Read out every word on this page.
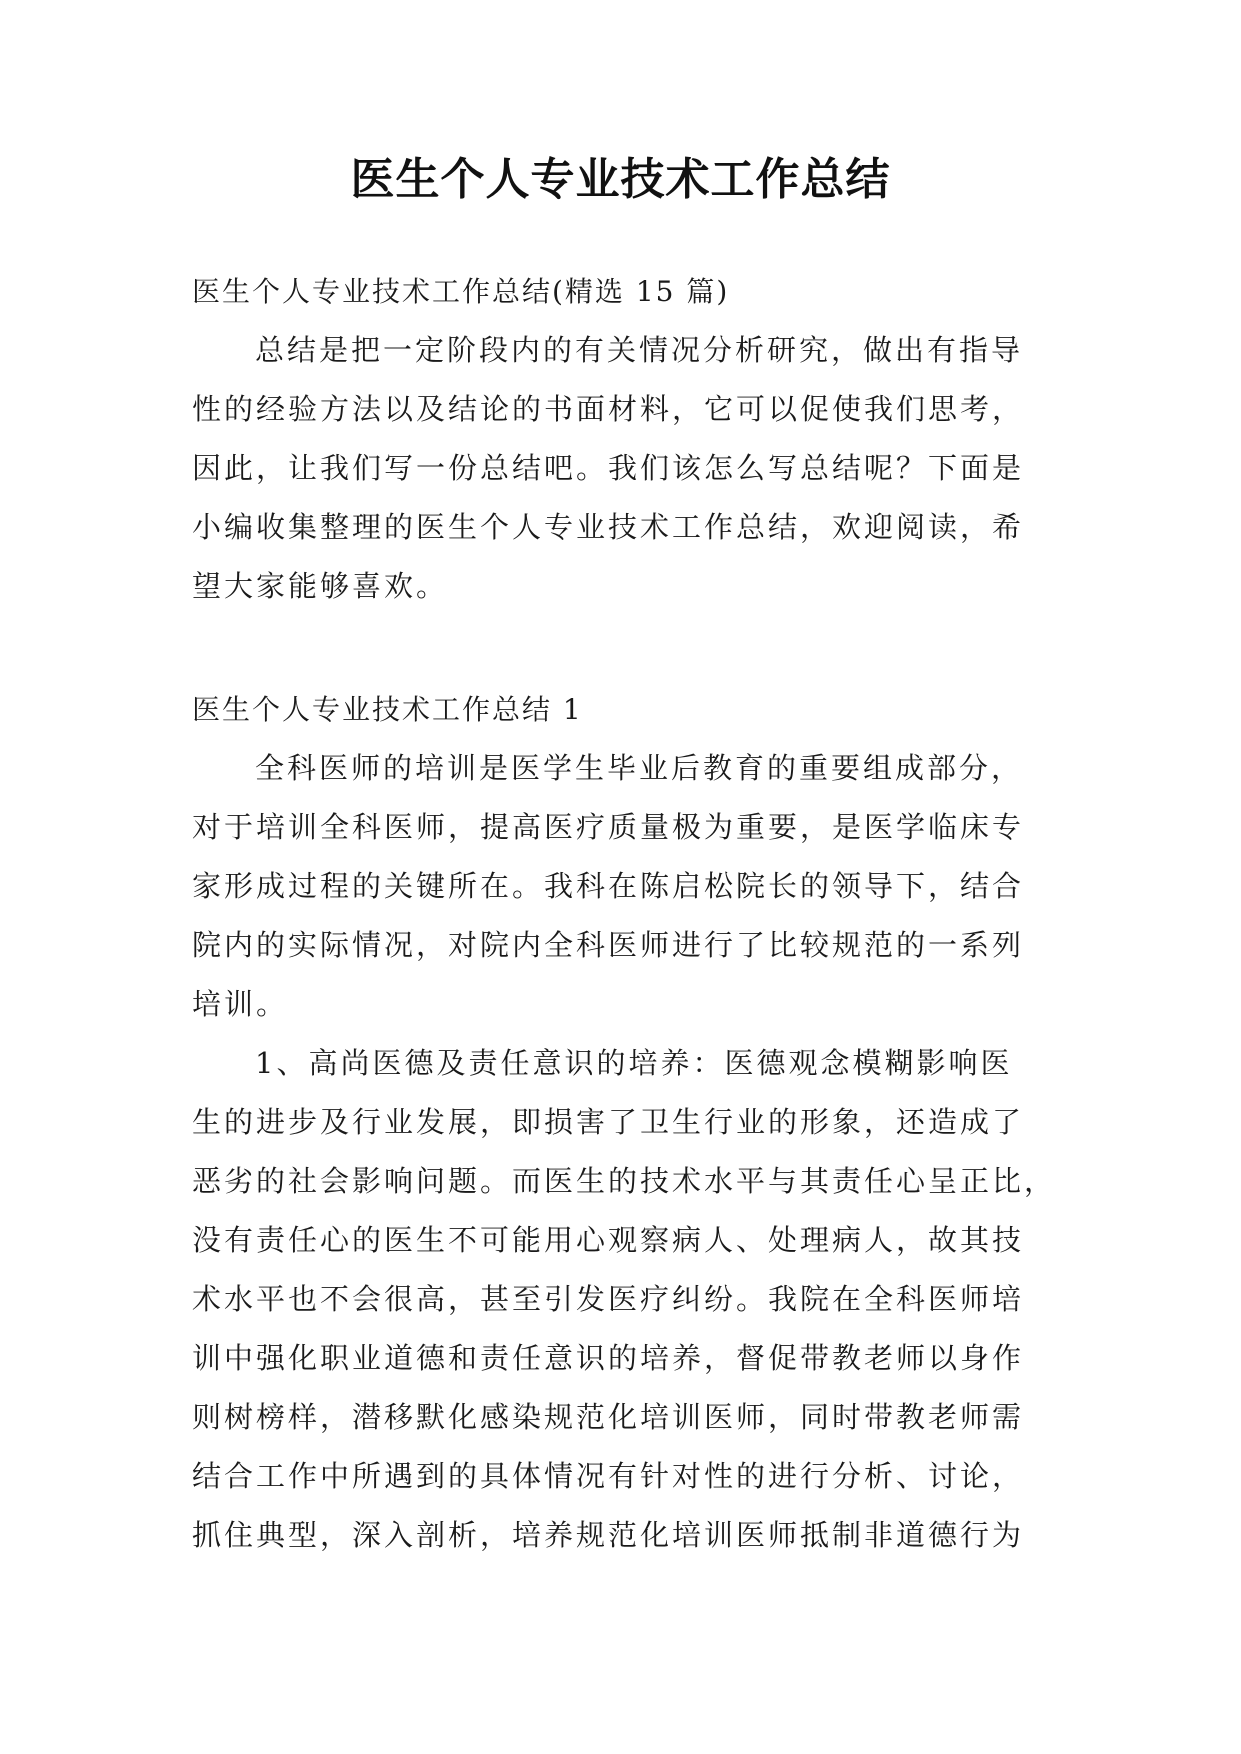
医生个人专业技术工作总结
医生个人专业技术工作总结(精选 15 篇)
总结是把一定阶段内的有关情况分析研究，做出有指导
性的经验方法以及结论的书面材料，它可以促使我们思考，
因此，让我们写一份总结吧。我们该怎么写总结呢？下面是
小编收集整理的医生个人专业技术工作总结，欢迎阅读，希
望大家能够喜欢。
医生个人专业技术工作总结 1
全科医师的培训是医学生毕业后教育的重要组成部分，
对于培训全科医师，提高医疗质量极为重要，是医学临床专
家形成过程的关键所在。我科在陈启松院长的领导下，结合
院内的实际情况，对院内全科医师进行了比较规范的一系列
培训。
1、高尚医德及责任意识的培养：医德观念模糊影响医
生的进步及行业发展，即损害了卫生行业的形象，还造成了
恶劣的社会影响问题。而医生的技术水平与其责任心呈正比，
没有责任心的医生不可能用心观察病人、处理病人，故其技
术水平也不会很高，甚至引发医疗纠纷。我院在全科医师培
训中强化职业道德和责任意识的培养，督促带教老师以身作
则树榜样，潜移默化感染规范化培训医师，同时带教老师需
结合工作中所遇到的具体情况有针对性的进行分析、讨论，
抓住典型，深入剖析，培养规范化培训医师抵制非道德行为
